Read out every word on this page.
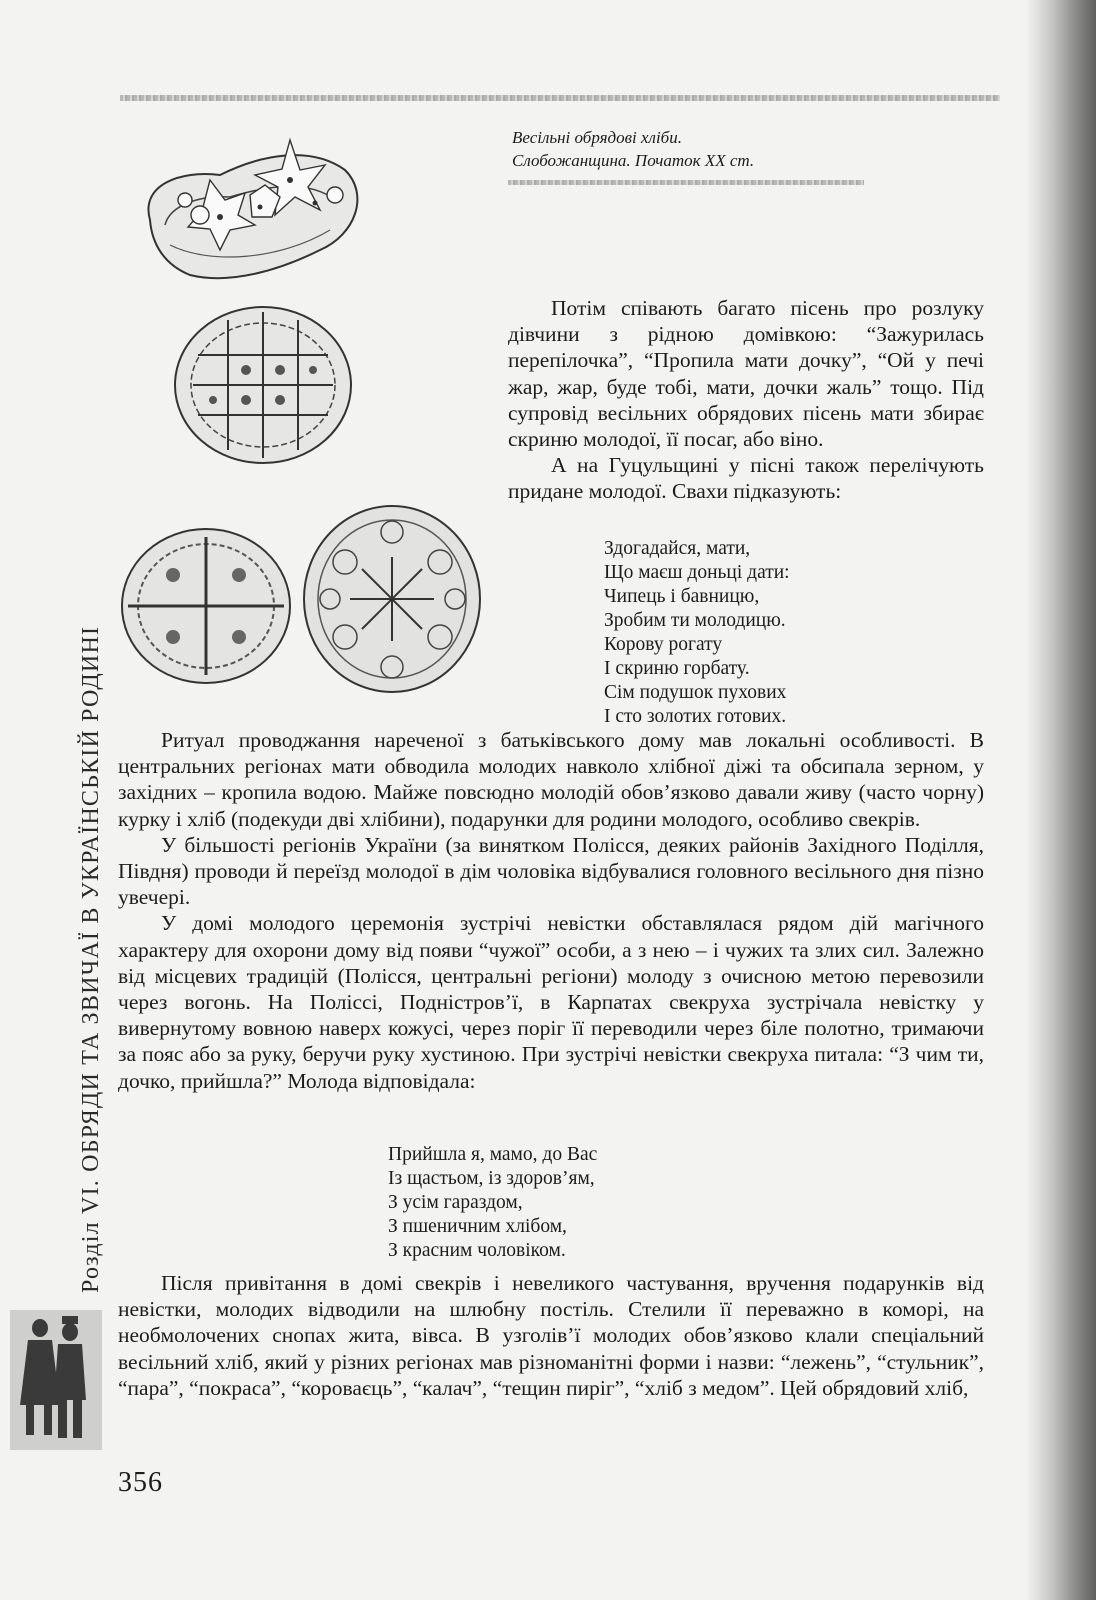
Весільні обрядові хліби.
Слобожанщина. Початок XX ст.

Потім співають багато пісень про розлуку дівчини з рідною домівкою: “Зажурилась перепілочка”, “Пропила мати дочку”, “Ой у печі жар, жар, буде тобі, мати, дочки жаль” тощо. Під супровід весільних обрядових пісень мати збирає скриню молодої, її посаг, або віно.

А на Гуцульщині у пісні також перелічують придане молодої. Свахи підказують:

Здогадайся, мати,
Що маєш доньці дати:
Чипець і бавницю,
Зробим ти молодицю.
Корову рогату
І скриню горбату.
Сім подушок пухових
І сто золотих готових.

Ритуал проводжання нареченої з батьківського дому мав локальні особливості. В центральних регіонах мати обводила молодих навколо хлібної діжі та обсипала зерном, у західних – кропила водою. Майже повсюдно молодій обов’язково давали живу (часто чорну) курку і хліб (подекуди дві хлібини), подарунки для родини молодого, особливо свекрів.

У більшості регіонів України (за винятком Полісся, деяких районів Західного Поділля, Півдня) проводи й переїзд молодої в дім чоловіка відбувалися головного весільного дня пізно увечері.

У домі молодого церемонія зустрічі невістки обставлялася рядом дій магічного характеру для охорони дому від появи “чужої” особи, а з нею – і чужих та злих сил. Залежно від місцевих традицій (Полісся, центральні регіони) молоду з очисною метою перевозили через вогонь. На Поліссі, Подністров’ї, в Карпатах свекруха зустрічала невістку у вивернутому вовною наверх кожусі, через поріг її переводили через біле полотно, тримаючи за пояс або за руку, беручи руку хустиною. При зустрічі невістки свекруха питала: “З чим ти, дочко, прийшла?” Молода відповідала:

Прийшла я, мамо, до Вас
Із щастьом, із здоров’ям,
З усім гараздом,
З пшеничним хлібом,
З красним чоловіком.

Після привітання в домі свекрів і невеликого частування, вручення подарунків від невістки, молодих відводили на шлюбну постіль. Стелили її переважно в коморі, на необмолочених снопах жита, вівса. В узголів’ї молодих обов’язково клали спеціальний весільний хліб, який у різних регіонах мав різноманітні форми і назви: “лежень”, “стульник”, “пара”, “покраса”, “короваєць”, “калач”, “тещин пиріг”, “хліб з медом”. Цей обрядовий хліб,

Розділ VI. ОБРЯДИ ТА ЗВИЧАЇ В УКРАЇНСЬКІЙ РОДИНІ
356
